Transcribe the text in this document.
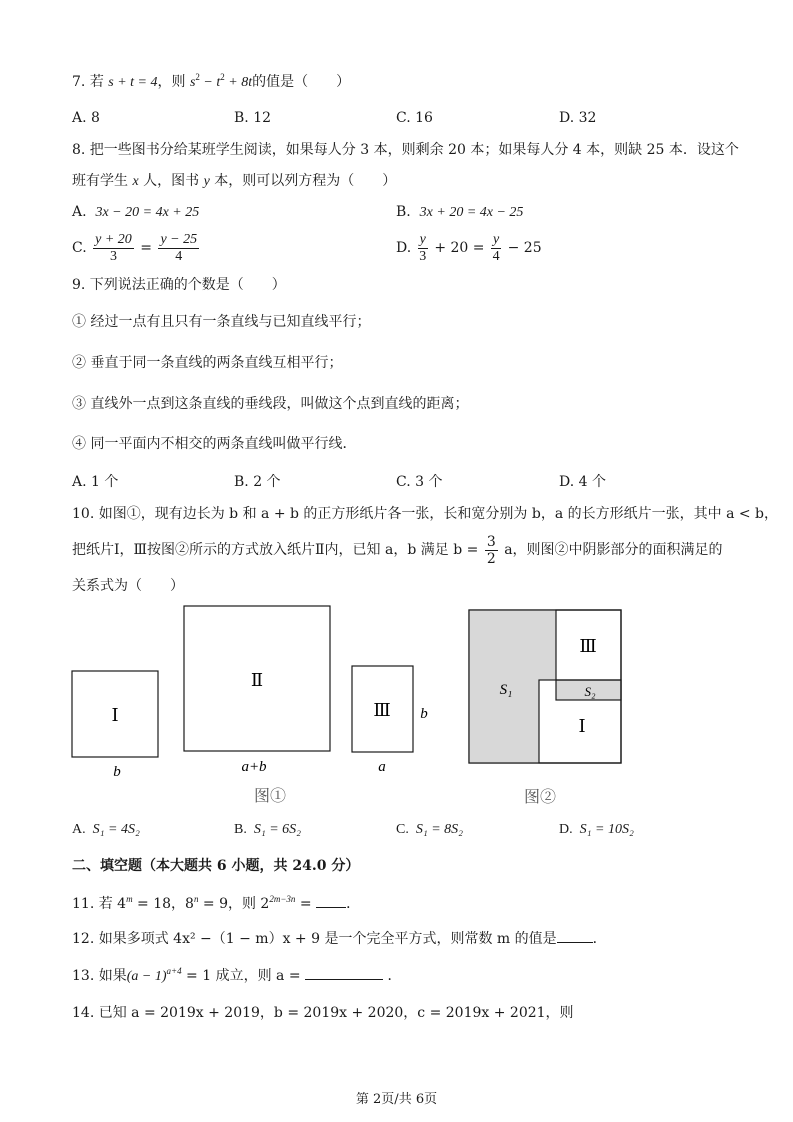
7. 若 s + t = 4，则 $s^2 - t^2 + 8t$的值是（　　）
A. 8	B. 12	C. 16	D. 32
8. 把一些图书分给某班学生阅读，如果每人分 3 本，则剩余 20 本；如果每人分 4 本，则缺 25 本．设这个
班有学生 x 人，图书 y 本，则可以列方程为（　　）
A. 3x − 20 = 4x + 25	B. 3x + 20 = 4x − 25
C. $\frac{y + 20}{3} = \frac{y - 25}{4}$	D. $\frac{y}{3} + 20 = \frac{y}{4} - 25$
9. 下列说法正确的个数是（　　）
① 经过一点有且只有一条直线与已知直线平行；
② 垂直于同一条直线的两条直线互相平行；
③ 直线外一点到这条直线的垂线段，叫做这个点到直线的距离；
④ 同一平面内不相交的两条直线叫做平行线．
A. 1 个	B. 2 个	C. 3 个	D. 4 个
10. 如图①，现有边长为 b 和 a + b 的正方形纸片各一张，长和宽分别为 b，a 的长方形纸片一张，其中 a < b，
把纸片Ⅰ，Ⅲ按图②所示的方式放入纸片Ⅱ内，已知 a，b 满足 $b = \frac{3}{2}$ a，则图②中阴影部分的面积满足的
关系式为（　　）
Ⅰ
b
Ⅱ
a+b
Ⅲ b
a
图①
Ⅲ
Ⅰ
S₁	S₂
图②
A. S₁ = 4S₂	B. S₁ = 6S₂	C. S₁ = 8S₂	D. S₁ = 10S₂
二、填空题（本大题共 6 小题，共 24.0 分）
11. 若 $4^m = 18$，$8^n = 9$，则 $2^{2m-3n}$ = ．
12. 如果多项式 4x² −（1 − m）x + 9 是一个完全平方式，则常数 m 的值是	．
13. 如果$(a - 1)^{a+4} = 1$ 成立，则 a =	．
14. 已知 a = 2019x + 2019，b = 2019x + 2020，c = 2019x + 2021，则
第 2页/共 6页
